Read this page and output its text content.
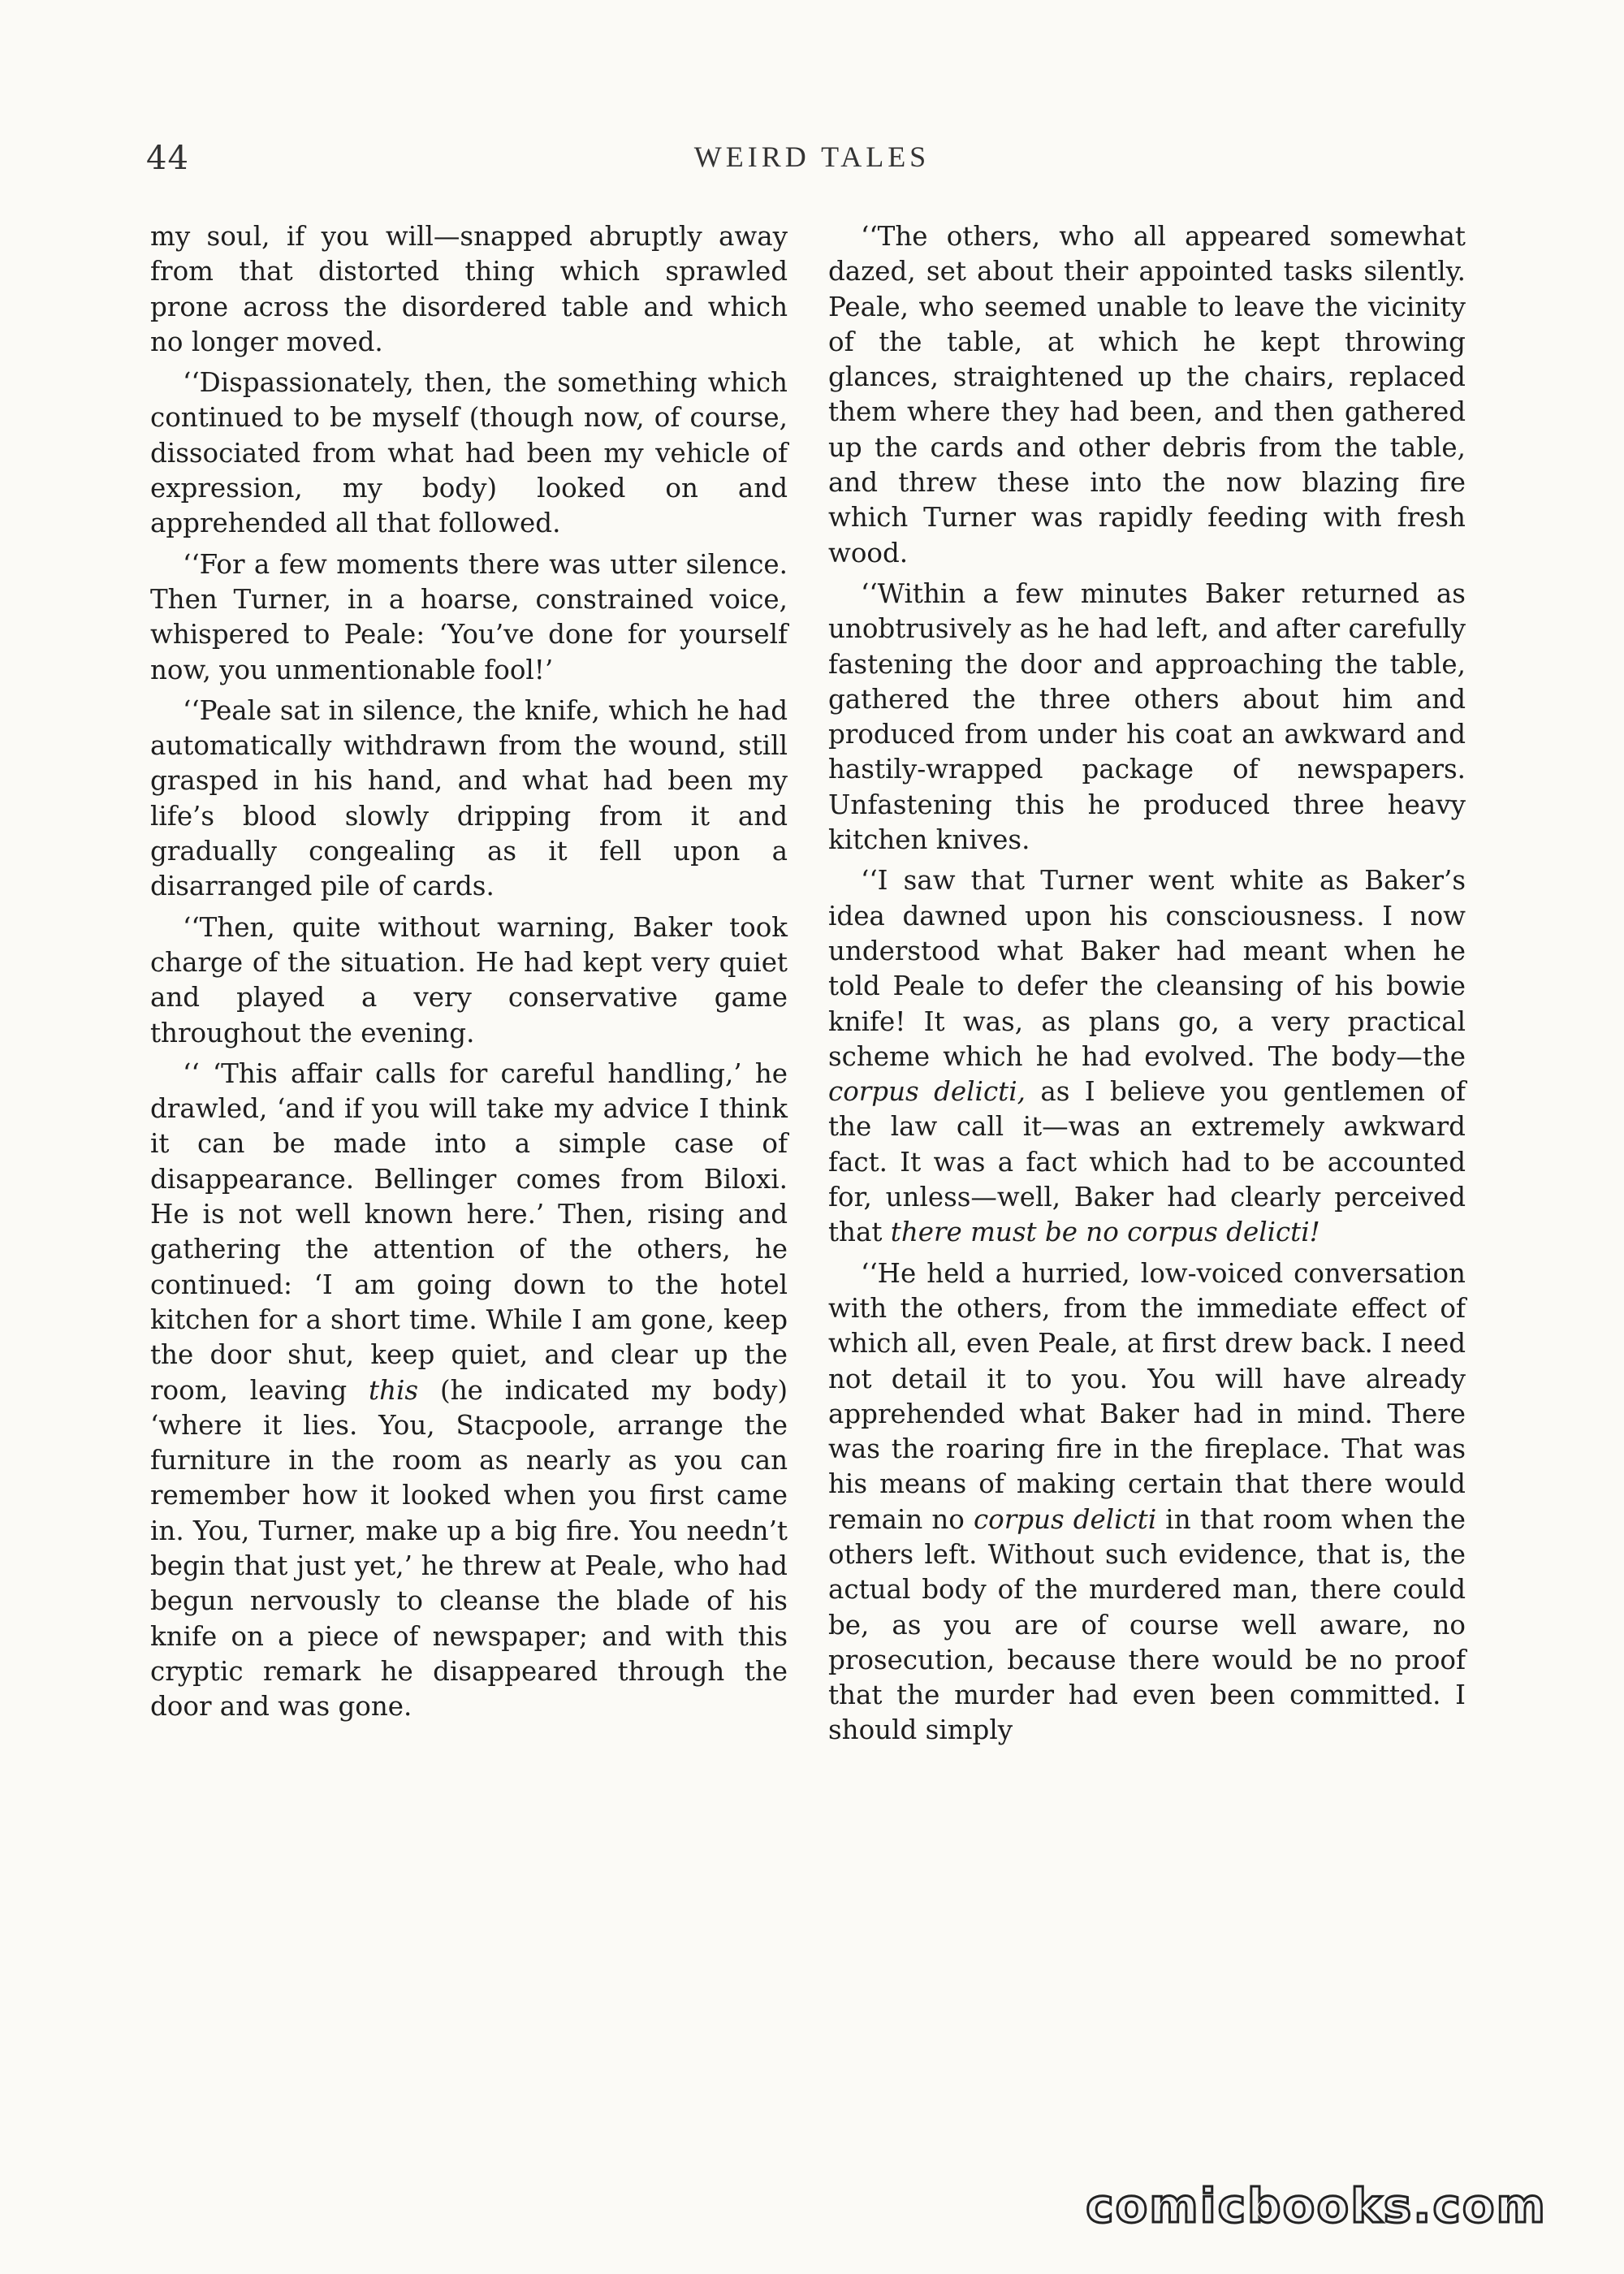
44	WEIRD TALES

my soul, if you will—snapped abruptly away from that distorted thing which sprawled prone across the disordered table and which no longer moved.

‘‘Dispassionately, then, the something which continued to be myself (though now, of course, dissociated from what had been my vehicle of expression, my body) looked on and apprehended all that followed.

‘‘For a few moments there was utter silence. Then Turner, in a hoarse, constrained voice, whispered to Peale: ‘You’ve done for yourself now, you unmentionable fool!’

‘‘Peale sat in silence, the knife, which he had automatically withdrawn from the wound, still grasped in his hand, and what had been my life’s blood slowly dripping from it and gradually congealing as it fell upon a disarranged pile of cards.

‘‘Then, quite without warning, Baker took charge of the situation. He had kept very quiet and played a very conservative game throughout the evening.

‘‘ ‘This affair calls for careful handling,’ he drawled, ‘and if you will take my advice I think it can be made into a simple case of disappearance. Bellinger comes from Biloxi. He is not well known here.’ Then, rising and gathering the attention of the others, he continued: ‘I am going down to the hotel kitchen for a short time. While I am gone, keep the door shut, keep quiet, and clear up the room, leaving this (he indicated my body) ‘where it lies. You, Stacpoole, arrange the furniture in the room as nearly as you can remember how it looked when you first came in. You, Turner, make up a big fire. You needn’t begin that just yet,’ he threw at Peale, who had begun nervously to cleanse the blade of his knife on a piece of newspaper; and with this cryptic remark he disappeared through the door and was gone.

‘‘The others, who all appeared somewhat dazed, set about their appointed tasks silently. Peale, who seemed unable to leave the vicinity of the table, at which he kept throwing glances, straightened up the chairs, replaced them where they had been, and then gathered up the cards and other debris from the table, and threw these into the now blazing fire which Turner was rapidly feeding with fresh wood.

‘‘Within a few minutes Baker returned as unobtrusively as he had left, and after carefully fastening the door and approaching the table, gathered the three others about him and produced from under his coat an awkward and hastily-wrapped package of newspapers. Unfastening this he produced three heavy kitchen knives.

‘‘I saw that Turner went white as Baker’s idea dawned upon his consciousness. I now understood what Baker had meant when he told Peale to defer the cleansing of his bowie knife! It was, as plans go, a very practical scheme which he had evolved. The body—the corpus delicti, as I believe you gentlemen of the law call it—was an extremely awkward fact. It was a fact which had to be accounted for, unless—well, Baker had clearly perceived that there must be no corpus delicti!

‘‘He held a hurried, low-voiced conversation with the others, from the immediate effect of which all, even Peale, at first drew back. I need not detail it to you. You will have already apprehended what Baker had in mind. There was the roaring fire in the fireplace. That was his means of making certain that there would remain no corpus delicti in that room when the others left. Without such evidence, that is, the actual body of the murdered man, there could be, as you are of course well aware, no prosecution, because there would be no proof that the murder had even been committed. I should simply

comicbooks.com
